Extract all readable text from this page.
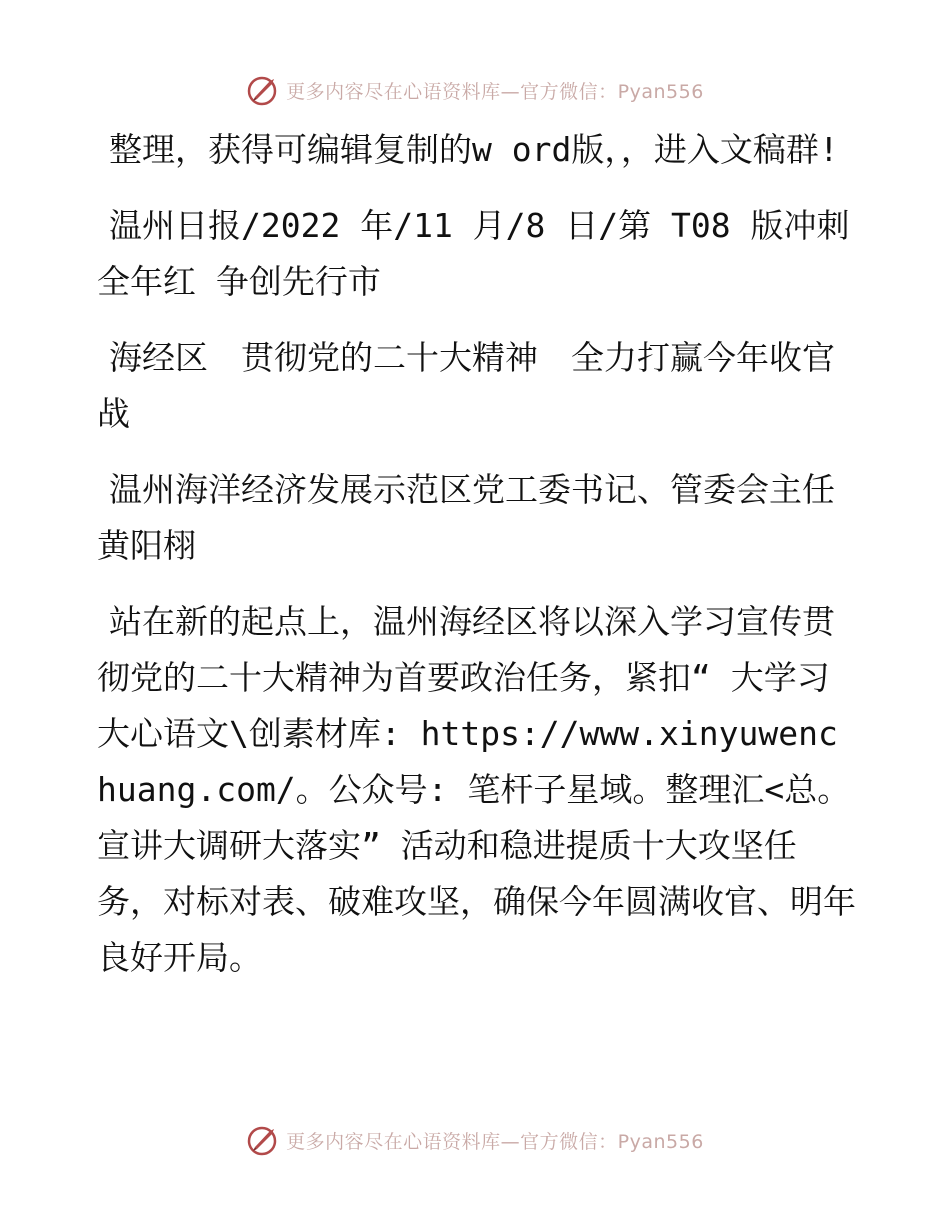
更多内容尽在心语资料库—官方微信：Pyan556

整理，获得可编辑复制的w ord版，，进入文稿群!

温州日报/2022 年/11 月/8 日/第 T08 版冲刺全年红 争创先行市

海经区　贯彻党的二十大精神　全力打赢今年收官战

温州海洋经济发展示范区党工委书记、管委会主任　黄阳栩

站在新的起点上，温州海经区将以深入学习宣传贯彻党的二十大精神为首要政治任务，紧扣“ 大学习大心语文\创素材库: https://www.xinyuwenchuang.com/。公众号: 笔杆子星域。整理汇<总。宣讲大调研大落实” 活动和稳进提质十大攻坚任务，对标对表、破难攻坚，确保今年圆满收官、明年良好开局。

更多内容尽在心语资料库—官方微信：Pyan556
